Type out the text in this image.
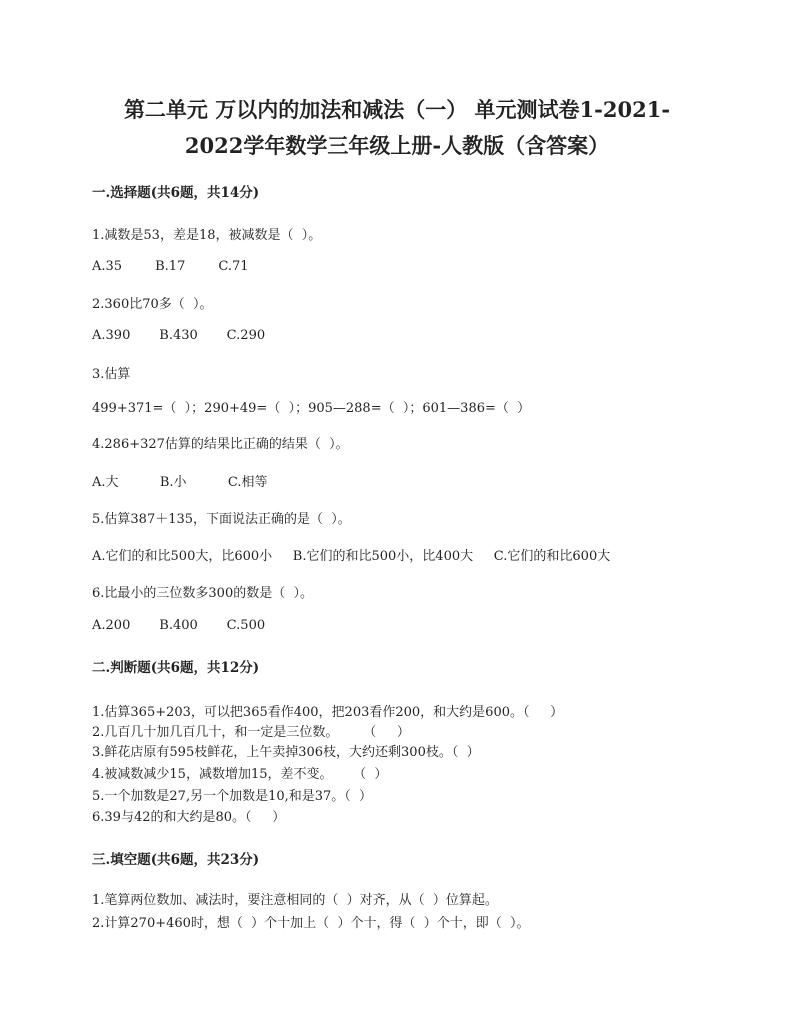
第二单元 万以内的加法和减法（一） 单元测试卷1-2021-
2022学年数学三年级上册-人教版（含答案）
一.选择题(共6题，共14分)
1.减数是53，差是18，被减数是（  ）。
A.35        B.17        C.71
2.360比70多（  ）。
A.390       B.430       C.290
3.估算
499+371=（  ）；290+49=（  ）；905—288=（  ）；601—386=（  ）
4.286+327估算的结果比正确的结果（  ）。
A.大          B.小          C.相等
5.估算387＋135，下面说法正确的是（  ）。
A.它们的和比500大，比600小     B.它们的和比500小，比400大     C.它们的和比600大
6.比最小的三位数多300的数是（  ）。
A.200       B.400       C.500
二.判断题(共6题，共12分)
1.估算365+203，可以把365看作400，把203看作200，和大约是600。（     ）
2.几百几十加几百几十，和一定是三位数。      （     ）
3.鲜花店原有595枝鲜花，上午卖掉306枝，大约还剩300枝。（  ）
4.被减数减少15，减数增加15，差不变。     （  ）
5.一个加数是27,另一个加数是10,和是37。（  ）
6.39与42的和大约是80。（     ）
三.填空题(共6题，共23分)
1.笔算两位数加、减法时，要注意相同的（  ）对齐，从（  ）位算起。
2.计算270+460时，想（  ）个十加上（  ）个十，得（  ）个十，即（  ）。
